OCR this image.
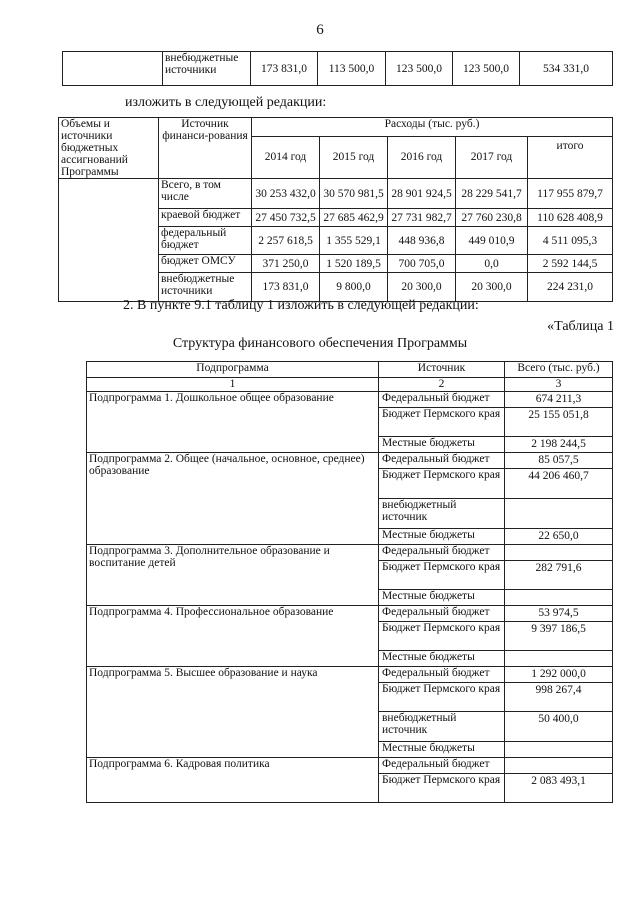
6
	внебюджетные источники	173 831,0	113 500,0	123 500,0	123 500,0	534 331,0
изложить в следующей редакции:
Объемы и источники бюджетных ассигнований Программы	Источник финанси-рования	Расходы (тыс. руб.)				
		2014 год	2015 год	2016 год	2017 год	итого
	Всего, в том числе	30 253 432,0	30 570 981,5	28 901 924,5	28 229 541,7	117 955 879,7
	краевой бюджет	27 450 732,5	27 685 462,9	27 731 982,7	27 760 230,8	110 628 408,9
	федеральный бюджет	2 257 618,5	1 355 529,1	448 936,8	449 010,9	4 511 095,3
	бюджет ОМСУ	371 250,0	1 520 189,5	700 705,0	0,0	2 592 144,5
	внебюджетные источники	173 831,0	9 800,0	20 300,0	20 300,0	224 231,0
2. В пункте 9.1 таблицу 1 изложить в следующей редакции:
«Таблица 1
Структура финансового обеспечения Программы
Подпрограмма	Источник	Всего (тыс. руб.)
1	2	3
Подпрограмма 1. Дошкольное общее образование	Федеральный бюджет	674 211,3
	Бюджет Пермского края	25 155 051,8
	Местные бюджеты	2 198 244,5
Подпрограмма 2. Общее (начальное, основное, среднее) образование	Федеральный бюджет	85 057,5
	Бюджет Пермского края	44 206 460,7
	внебюджетный источник	
	Местные бюджеты	22 650,0
Подпрограмма 3. Дополнительное образование и воспитание детей	Федеральный бюджет	
	Бюджет Пермского края	282 791,6
	Местные бюджеты	
Подпрограмма 4. Профессиональное образование	Федеральный бюджет	53 974,5
	Бюджет Пермского края	9 397 186,5
	Местные бюджеты	
Подпрограмма 5. Высшее образование и наука	Федеральный бюджет	1 292 000,0
	Бюджет Пермского края	998 267,4
	внебюджетный источник	50 400,0
	Местные бюджеты	
Подпрограмма 6. Кадровая политика	Федеральный бюджет	
	Бюджет Пермского края	2 083 493,1
